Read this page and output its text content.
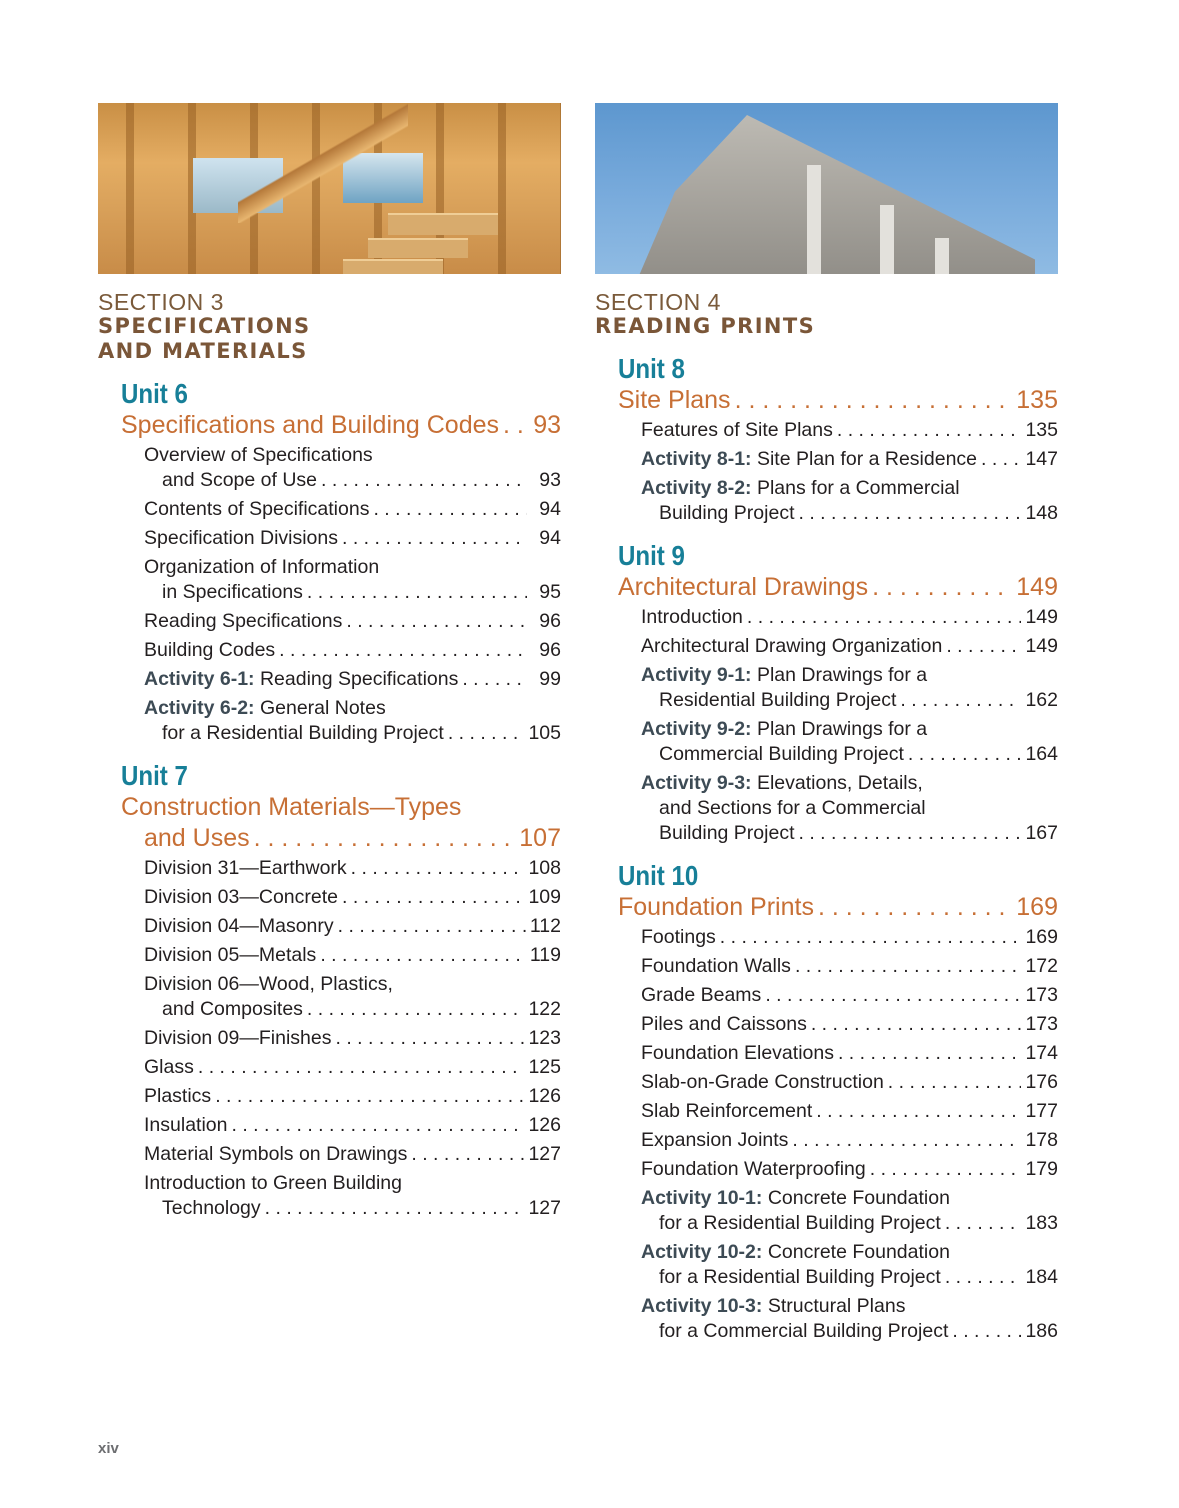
SECTION 3
SPECIFICATIONS
AND MATERIALS
Unit 6
Specifications and Building Codes . . . 93
Overview of Specifications
and Scope of Use . . .	93
Contents of Specifications . . .	94
Specification Divisions . . .	94
Organization of Information
in Specifications . . .	95
Reading Specifications . . .	96
Building Codes . . .	96
Activity 6-1: Reading Specifications . . .	99
Activity 6-2: General Notes
for a Residential Building Project . . .	105
Unit 7
Construction Materials—Types
and Uses . . .	107
Division 31—Earthwork . . .	108
Division 03—Concrete . . .	109
Division 04—Masonry . . .	112
Division 05—Metals . . .	119
Division 06—Wood, Plastics,
and Composites . . .	122
Division 09—Finishes . . .	123
Glass . . .	125
Plastics . . .	126
Insulation . . .	126
Material Symbols on Drawings . . .	127
Introduction to Green Building
Technology . . .	127
SECTION 4
READING PRINTS
Unit 8
Site Plans . . .	135
Features of Site Plans . . .	135
Activity 8-1: Site Plan for a Residence . . . 147
Activity 8-2: Plans for a Commercial
Building Project . . .	148
Unit 9
Architectural Drawings . . .	149
Introduction . . .	149
Architectural Drawing Organization . . .	149
Activity 9-1: Plan Drawings for a
Residential Building Project . . .	162
Activity 9-2: Plan Drawings for a
Commercial Building Project . . .	164
Activity 9-3: Elevations, Details,
and Sections for a Commercial
Building Project . . .	167
Unit 10
Foundation Prints . . .	169
Footings . . .	169
Foundation Walls . . .	172
Grade Beams . . .	173
Piles and Caissons . . .	173
Foundation Elevations . . .	174
Slab-on-Grade Construction . . .	176
Slab Reinforcement . . .	177
Expansion Joints . . .	178
Foundation Waterproofing . . .	179
Activity 10-1: Concrete Foundation
for a Residential Building Project . . .	183
Activity 10-2: Concrete Foundation
for a Residential Building Project . . .	184
Activity 10-3: Structural Plans
for a Commercial Building Project . . .	186
xiv
